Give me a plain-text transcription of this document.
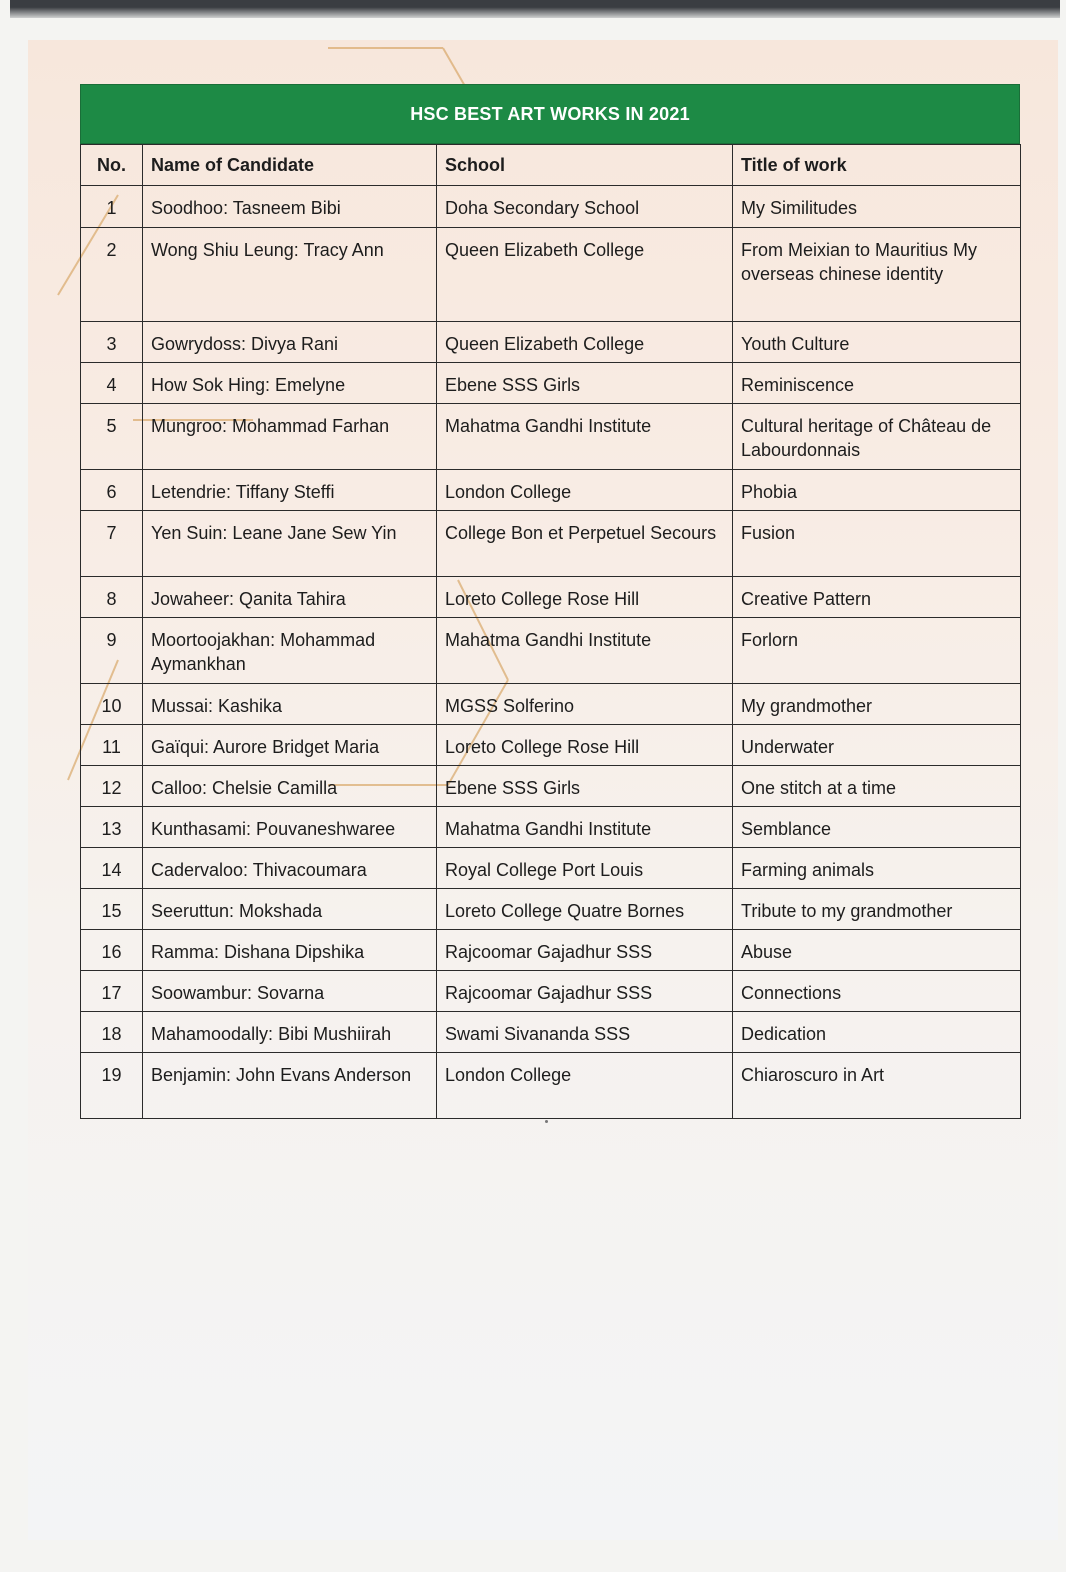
HSC BEST ART WORKS IN 2021
No.	Name of Candidate	School	Title of work
1	Soodhoo: Tasneem Bibi	Doha Secondary School	My Similitudes
2	Wong Shiu Leung: Tracy Ann	Queen Elizabeth College	From Meixian to Mauritius My overseas chinese identity
3	Gowrydoss: Divya Rani	Queen Elizabeth College	Youth Culture
4	How Sok Hing: Emelyne	Ebene SSS Girls	Reminiscence
5	Mungroo: Mohammad Farhan	Mahatma Gandhi Institute	Cultural heritage of Château de Labourdonnais
6	Letendrie: Tiffany Steffi	London College	Phobia
7	Yen Suin: Leane Jane Sew Yin	College Bon et Perpetuel Secours	Fusion
8	Jowaheer: Qanita Tahira	Loreto College Rose Hill	Creative Pattern
9	Moortoojakhan: Mohammad Aymankhan	Mahatma Gandhi Institute	Forlorn
10	Mussai: Kashika	MGSS Solferino	My grandmother
11	Gaïqui: Aurore Bridget Maria	Loreto College Rose Hill	Underwater
12	Calloo: Chelsie Camilla	Ebene SSS Girls	One stitch at a time
13	Kunthasami: Pouvaneshwaree	Mahatma Gandhi Institute	Semblance
14	Cadervaloo: Thivacoumara	Royal College Port Louis	Farming animals
15	Seeruttun: Mokshada	Loreto College Quatre Bornes	Tribute to my grandmother
16	Ramma: Dishana Dipshika	Rajcoomar Gajadhur SSS	Abuse
17	Soowambur: Sovarna	Rajcoomar Gajadhur SSS	Connections
18	Mahamoodally: Bibi Mushiirah	Swami Sivananda SSS	Dedication
19	Benjamin: John Evans Anderson	London College	Chiaroscuro in Art
